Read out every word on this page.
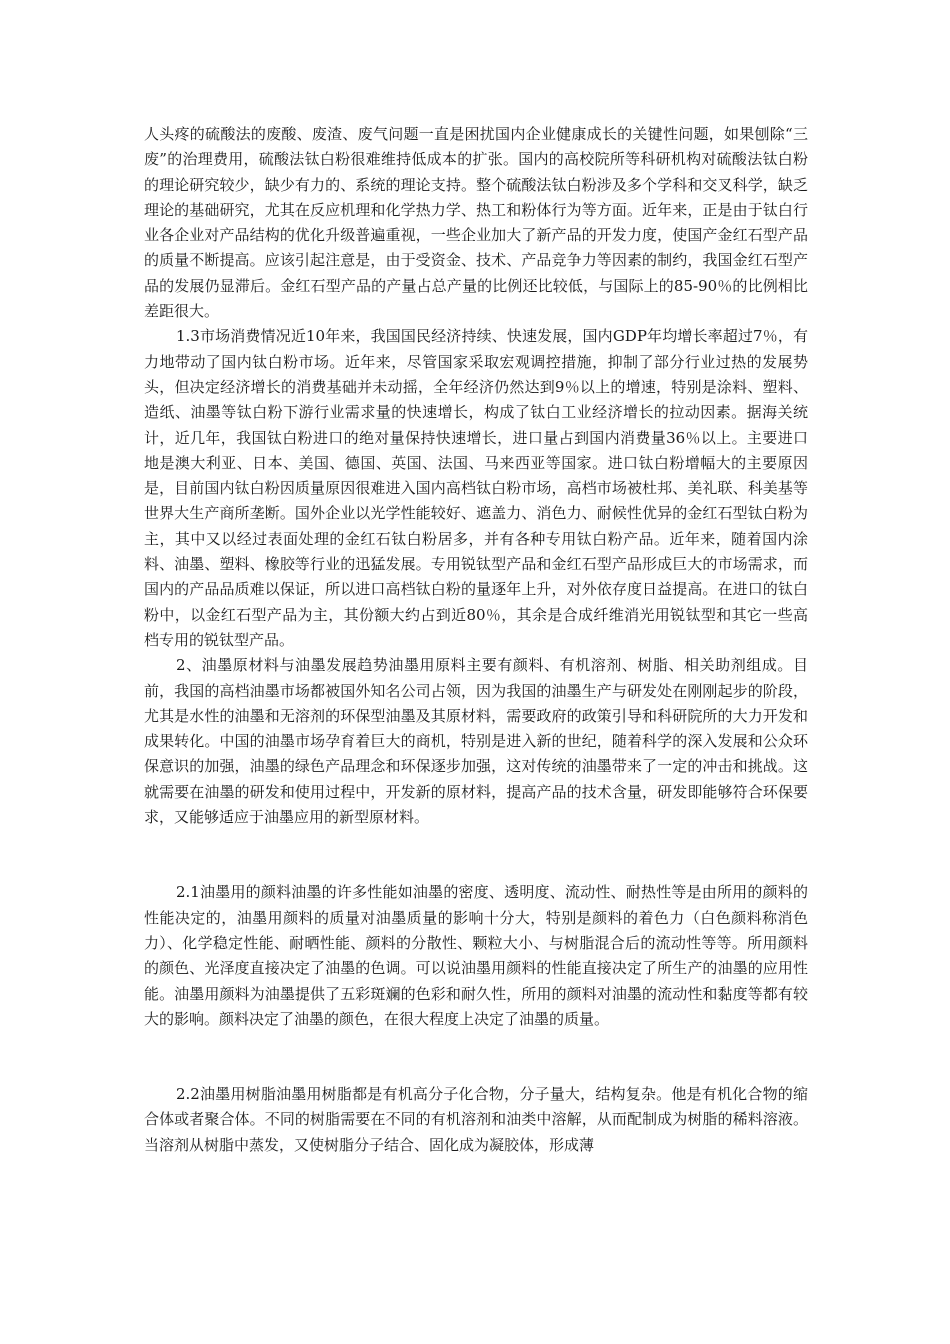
人头疼的硫酸法的废酸、废渣、废气问题一直是困扰国内企业健康成长的关键性问题，如果刨除“三废”的治理费用，硫酸法钛白粉很难维持低成本的扩张。国内的高校院所等科研机构对硫酸法钛白粉的理论研究较少，缺少有力的、系统的理论支持。整个硫酸法钛白粉涉及多个学科和交叉科学，缺乏理论的基础研究，尤其在反应机理和化学热力学、热工和粉体行为等方面。近年来，正是由于钛白行业各企业对产品结构的优化升级普遍重视，一些企业加大了新产品的开发力度，使国产金红石型产品的质量不断提高。应该引起注意是，由于受资金、技术、产品竞争力等因素的制约，我国金红石型产品的发展仍显滞后。金红石型产品的产量占总产量的比例还比较低，与国际上的85-90％的比例相比差距很大。

1.3市场消费情况近10年来，我国国民经济持续、快速发展，国内GDP年均增长率超过7％，有力地带动了国内钛白粉市场。近年来，尽管国家采取宏观调控措施，抑制了部分行业过热的发展势头，但决定经济增长的消费基础并未动摇，全年经济仍然达到9％以上的增速，特别是涂料、塑料、造纸、油墨等钛白粉下游行业需求量的快速增长，构成了钛白工业经济增长的拉动因素。据海关统计，近几年，我国钛白粉进口的绝对量保持快速增长，进口量占到国内消费量36％以上。主要进口地是澳大利亚、日本、美国、德国、英国、法国、马来西亚等国家。进口钛白粉增幅大的主要原因是，目前国内钛白粉因质量原因很难进入国内高档钛白粉市场，高档市场被杜邦、美礼联、科美基等世界大生产商所垄断。国外企业以光学性能较好、遮盖力、消色力、耐候性优异的金红石型钛白粉为主，其中又以经过表面处理的金红石钛白粉居多，并有各种专用钛白粉产品。近年来，随着国内涂料、油墨、塑料、橡胶等行业的迅猛发展。专用锐钛型产品和金红石型产品形成巨大的市场需求，而国内的产品品质难以保证，所以进口高档钛白粉的量逐年上升，对外依存度日益提高。在进口的钛白粉中，以金红石型产品为主，其份额大约占到近80％，其余是合成纤维消光用锐钛型和其它一些高档专用的锐钛型产品。

2、油墨原材料与油墨发展趋势油墨用原料主要有颜料、有机溶剂、树脂、相关助剂组成。目前，我国的高档油墨市场都被国外知名公司占领，因为我国的油墨生产与研发处在刚刚起步的阶段，尤其是水性的油墨和无溶剂的环保型油墨及其原材料，需要政府的政策引导和科研院所的大力开发和成果转化。中国的油墨市场孕育着巨大的商机，特别是进入新的世纪，随着科学的深入发展和公众环保意识的加强，油墨的绿色产品理念和环保逐步加强，这对传统的油墨带来了一定的冲击和挑战。这就需要在油墨的研发和使用过程中，开发新的原材料，提高产品的技术含量，研发即能够符合环保要求，又能够适应于油墨应用的新型原材料。

2.1油墨用的颜料油墨的许多性能如油墨的密度、透明度、流动性、耐热性等是由所用的颜料的性能决定的，油墨用颜料的质量对油墨质量的影响十分大，特别是颜料的着色力（白色颜料称消色力）、化学稳定性能、耐晒性能、颜料的分散性、颗粒大小、与树脂混合后的流动性等等。所用颜料的颜色、光泽度直接决定了油墨的色调。可以说油墨用颜料的性能直接决定了所生产的油墨的应用性能。油墨用颜料为油墨提供了五彩斑斓的色彩和耐久性，所用的颜料对油墨的流动性和黏度等都有较大的影响。颜料决定了油墨的颜色，在很大程度上决定了油墨的质量。

2.2油墨用树脂油墨用树脂都是有机高分子化合物，分子量大，结构复杂。他是有机化合物的缩合体或者聚合体。不同的树脂需要在不同的有机溶剂和油类中溶解，从而配制成为树脂的稀料溶液。当溶剂从树脂中蒸发，又使树脂分子结合、固化成为凝胶体，形成薄
